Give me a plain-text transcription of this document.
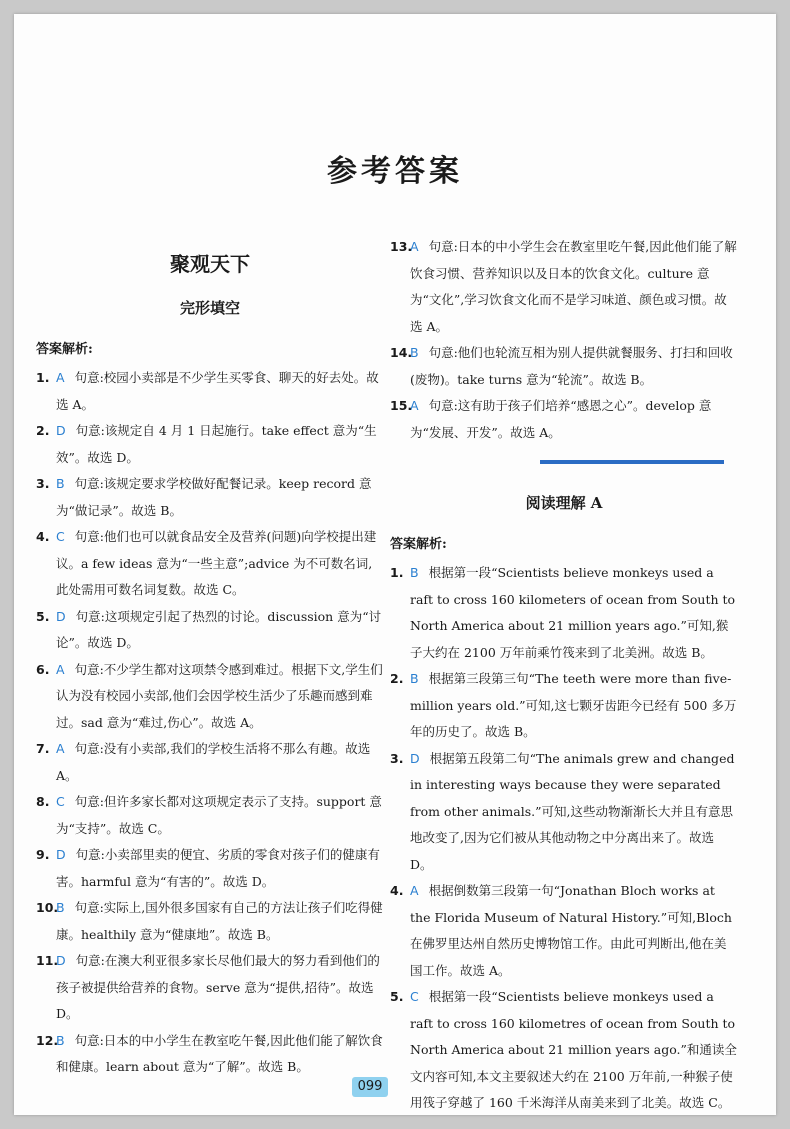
参考答案
聚观天下
完形填空
答案解析:

1. A 句意:校园小卖部是不少学生买零食、聊天的好去处。故选 A。

2. D 句意:该规定自 4 月 1 日起施行。take effect 意为“生效”。故选 D。

3. B 句意:该规定要求学校做好配餐记录。keep record 意为“做记录”。故选 B。

4. C 句意:他们也可以就食品安全及营养(问题)向学校提出建议。a few ideas 意为“一些主意”;advice 为不可数名词,此处需用可数名词复数。故选 C。

5. D 句意:这项规定引起了热烈的讨论。discussion 意为“讨论”。故选 D。

6. A 句意:不少学生都对这项禁令感到难过。根据下文,学生们认为没有校园小卖部,他们会因学校生活少了乐趣而感到难过。sad 意为“难过,伤心”。故选 A。

7. A 句意:没有小卖部,我们的学校生活将不那么有趣。故选 A。

8. C 句意:但许多家长都对这项规定表示了支持。support 意为“支持”。故选 C。

9. D 句意:小卖部里卖的便宜、劣质的零食对孩子们的健康有害。harmful 意为“有害的”。故选 D。

10.
B 句意:实际上,国外很多国家有自己的方法让孩子们吃得健康。healthily 意为“健康地”。故选 B。

11.
D 句意:在澳大利亚很多家长尽他们最大的努力看到他们的孩子被提供给营养的食物。serve 意为“提供,招待”。故选 D。

12.
B 句意:日本的中小学生在教室吃午餐,因此他们能了解饮食和健康。learn about 意为“了解”。故选 B。

13.
A 句意:日本的中小学生会在教室里吃午餐,因此他们能了解饮食习惯、营养知识以及日本的饮食文化。culture 意为“文化”,学习饮食文化而不是学习味道、颜色或习惯。故选 A。

14.
B 句意:他们也轮流互相为别人提供就餐服务、打扫和回收(废物)。take turns 意为“轮流”。故选 B。

15.
A 句意:这有助于孩子们培养“感恩之心”。develop 意为“发展、开发”。故选 A。

阅读理解 A
答案解析:

1. B 根据第一段“Scientists believe monkeys used a raft to cross 160 kilometers of ocean from South to North America about 21 million years ago.”可知,猴子大约在 2100 万年前乘竹筏来到了北美洲。故选 B。

2. B 根据第三段第三句“The teeth were more than five-million years old.”可知,这七颗牙齿距今已经有 500 多万年的历史了。故选 B。

3. D 根据第五段第二句“The animals grew and changed in interesting ways because they were separated from other animals.”可知,这些动物渐渐长大并且有意思地改变了,因为它们被从其他动物之中分离出来了。故选 D。

4. A 根据倒数第三段第一句“Jonathan Bloch works at the Florida Museum of Natural History.”可知,Bloch 在佛罗里达州自然历史博物馆工作。由此可判断出,他在美国工作。故选 A。

5. C 根据第一段“Scientists believe monkeys used a raft to cross 160 kilometres of ocean from South to North America about 21 million years ago.”和通读全文内容可知,本文主要叙述大约在 2100 万年前,一种猴子使用筏子穿越了 160 千米海洋从南美来到了北美。故选 C。

099
